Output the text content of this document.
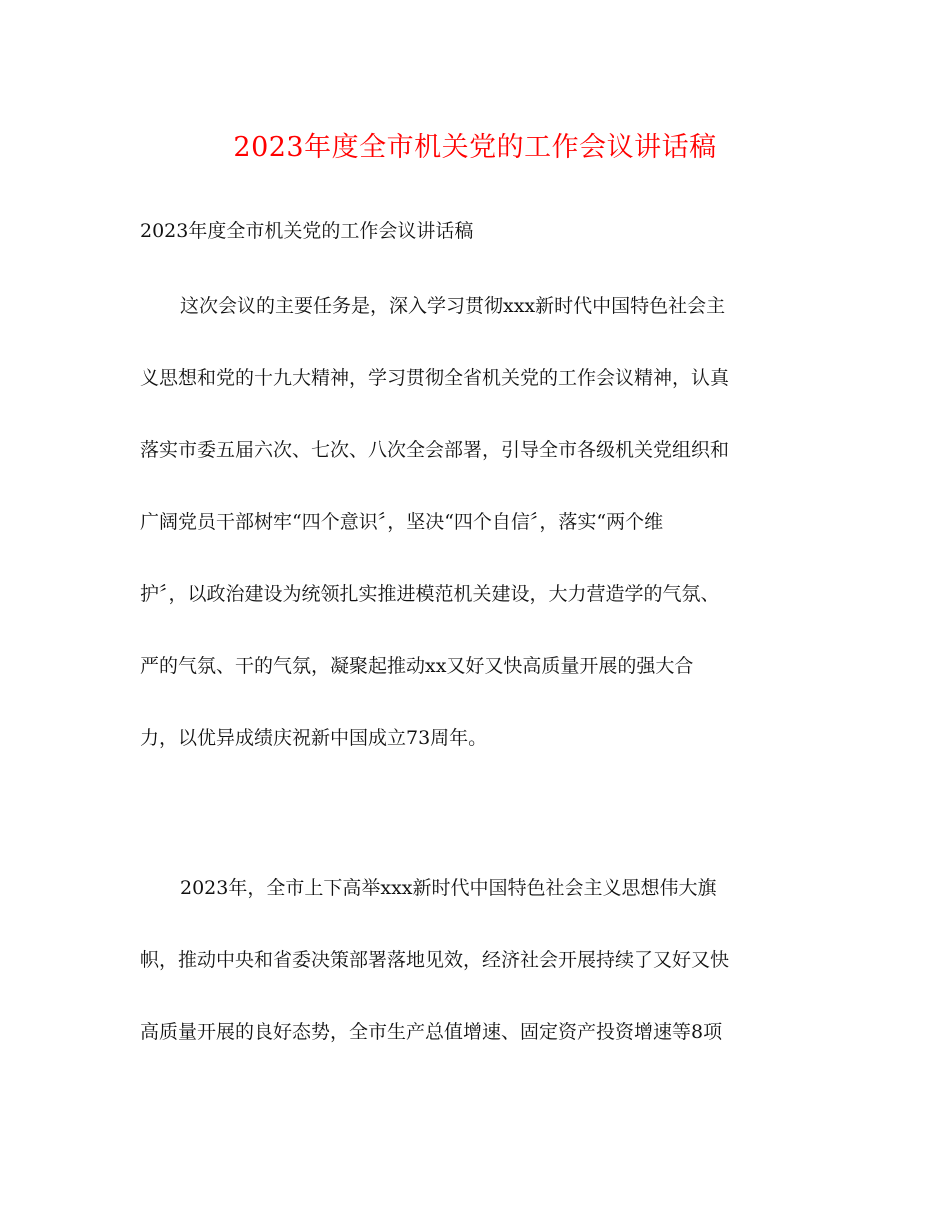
2023年度全市机关党的工作会议讲话稿

2023年度全市机关党的工作会议讲话稿

这次会议的主要任务是，深入学习贯彻xxx新时代中国特色社会主

义思想和党的十九大精神，学习贯彻全省机关党的工作会议精神，认真

落实市委五届六次、七次、八次全会部署，引导全市各级机关党组织和

广阔党员干部树牢“四个意识〞，坚决“四个自信〞，落实“两个维

护〞，以政治建设为统领扎实推进模范机关建设，大力营造学的气氛、

严的气氛、干的气氛，凝聚起推动xx又好又快高质量开展的强大合

力，以优异成绩庆祝新中国成立73周年。

2023年，全市上下高举xxx新时代中国特色社会主义思想伟大旗

帜，推动中央和省委决策部署落地见效，经济社会开展持续了又好又快

高质量开展的良好态势，全市生产总值增速、固定资产投资增速等8项
